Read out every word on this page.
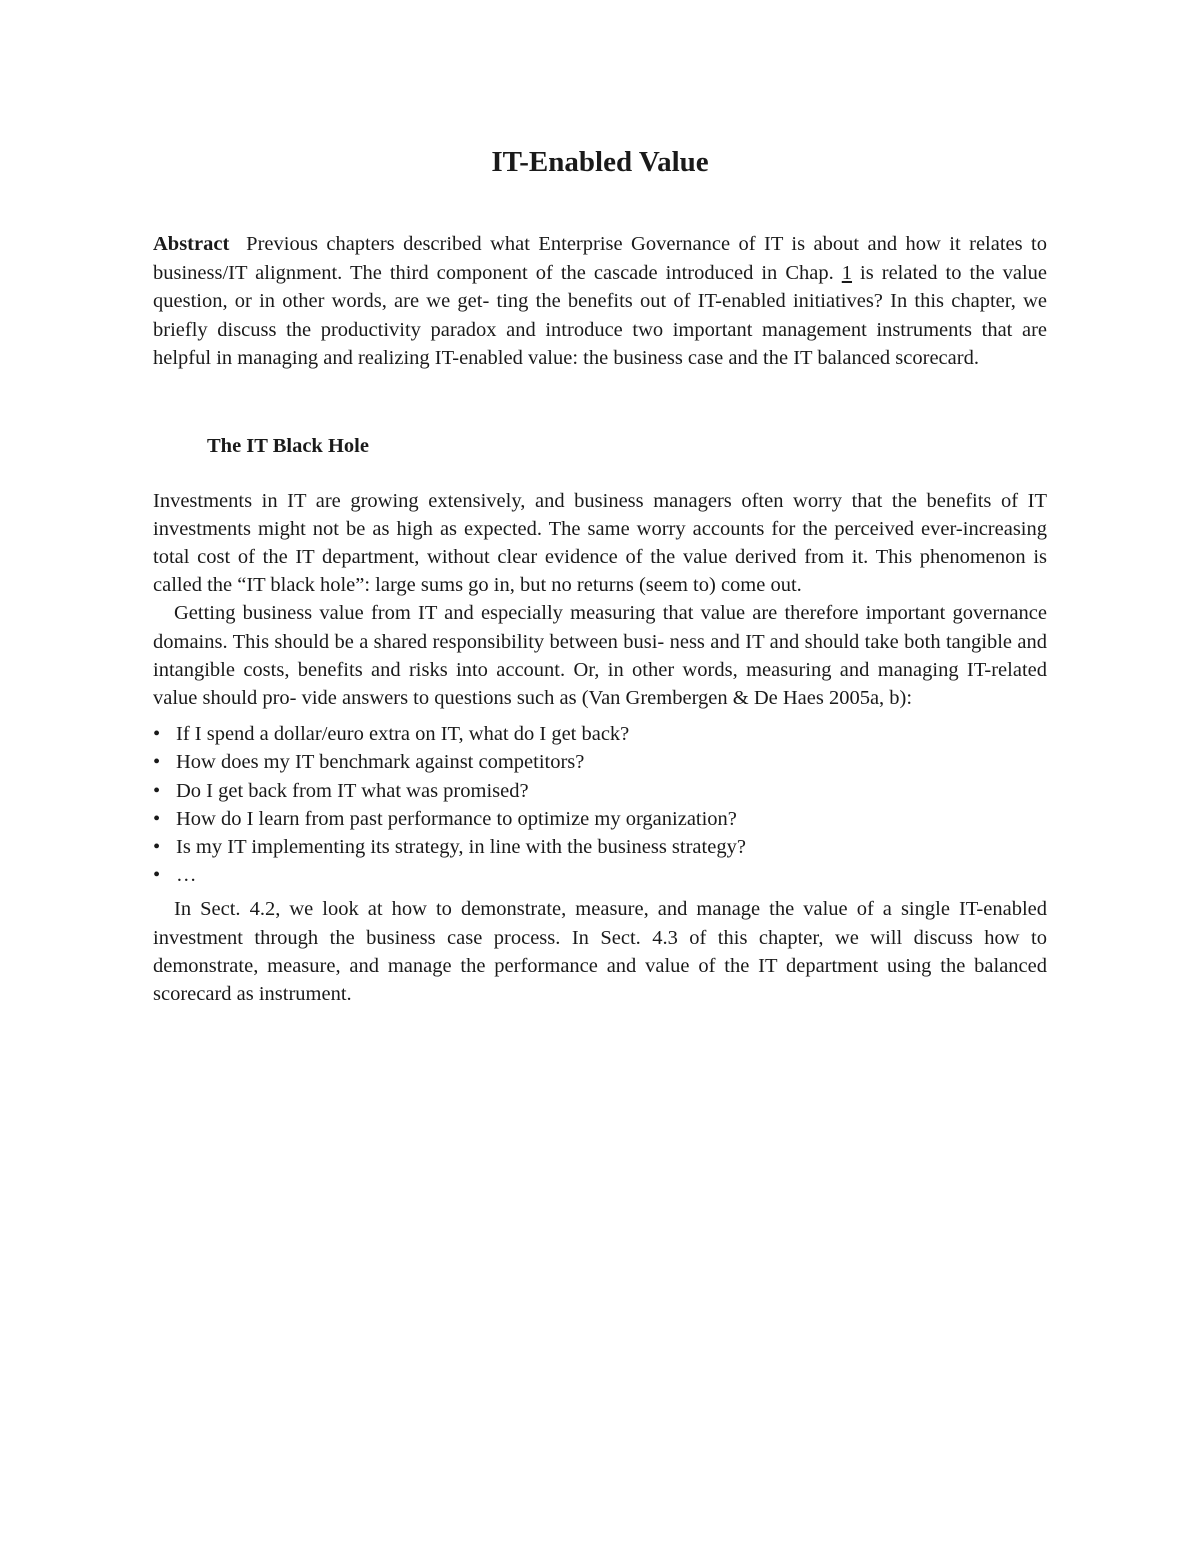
IT-Enabled Value
Abstract Previous chapters described what Enterprise Governance of IT is about and how it relates to business/IT alignment. The third component of the cascade introduced in Chap. 1 is related to the value question, or in other words, are we get- ting the benefits out of IT-enabled initiatives? In this chapter, we briefly discuss the productivity paradox and introduce two important management instruments that are helpful in managing and realizing IT-enabled value: the business case and the IT balanced scorecard.
The IT Black Hole

Investments in IT are growing extensively, and business managers often worry that the benefits of IT investments might not be as high as expected. The same worry accounts for the perceived ever-increasing total cost of the IT department, without clear evidence of the value derived from it. This phenomenon is called the “IT black hole”: large sums go in, but no returns (seem to) come out.

Getting business value from IT and especially measuring that value are therefore important governance domains. This should be a shared responsibility between busi- ness and IT and should take both tangible and intangible costs, benefits and risks into account. Or, in other words, measuring and managing IT-related value should pro- vide answers to questions such as (Van Grembergen & De Haes 2005a, b):

• If I spend a dollar/euro extra on IT, what do I get back?
• How does my IT benchmark against competitors?
• Do I get back from IT what was promised?
• How do I learn from past performance to optimize my organization?
• Is my IT implementing its strategy, in line with the business strategy?
• …

In Sect. 4.2, we look at how to demonstrate, measure, and manage the value of a single IT-enabled investment through the business case process. In Sect. 4.3 of this chapter, we will discuss how to demonstrate, measure, and manage the performance and value of the IT department using the balanced scorecard as instrument.
